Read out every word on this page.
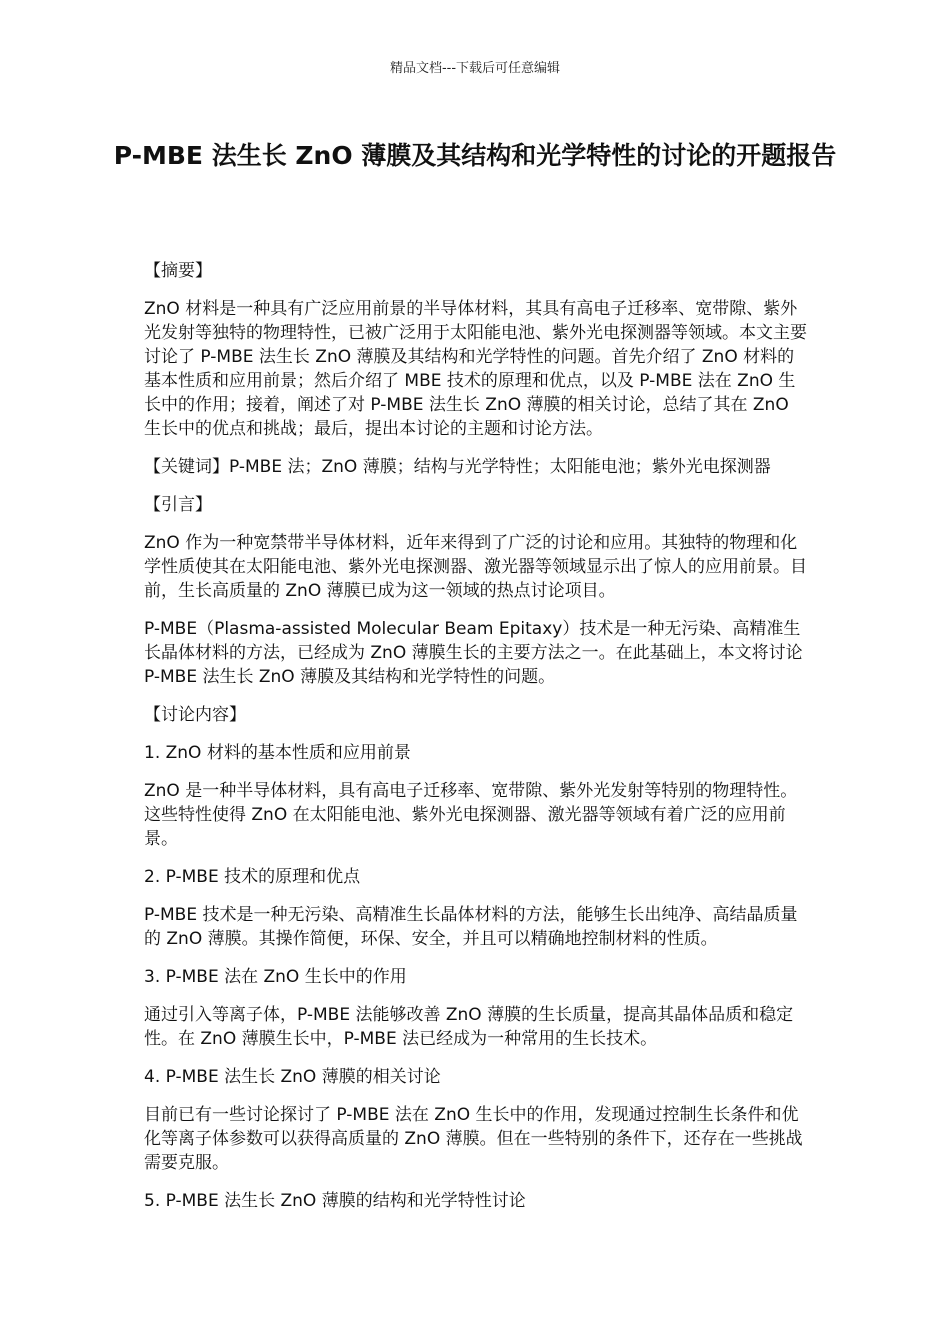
精品文档---下载后可任意编辑
P-MBE 法生长 ZnO 薄膜及其结构和光学特性的讨论的开题报告

【摘要】

ZnO 材料是一种具有广泛应用前景的半导体材料，其具有高电子迁移率、宽带隙、紫外光发射等独特的物理特性，已被广泛用于太阳能电池、紫外光电探测器等领域。本文主要讨论了 P-MBE 法生长 ZnO 薄膜及其结构和光学特性的问题。首先介绍了 ZnO 材料的基本性质和应用前景；然后介绍了 MBE 技术的原理和优点，以及 P-MBE 法在 ZnO 生长中的作用；接着，阐述了对 P-MBE 法生长 ZnO 薄膜的相关讨论，总结了其在 ZnO 生长中的优点和挑战；最后，提出本讨论的主题和讨论方法。

【关键词】P-MBE 法；ZnO 薄膜；结构与光学特性；太阳能电池；紫外光电探测器

【引言】

ZnO 作为一种宽禁带半导体材料，近年来得到了广泛的讨论和应用。其独特的物理和化学性质使其在太阳能电池、紫外光电探测器、激光器等领域显示出了惊人的应用前景。目前，生长高质量的 ZnO 薄膜已成为这一领域的热点讨论项目。

P-MBE（Plasma-assisted Molecular Beam Epitaxy）技术是一种无污染、高精准生长晶体材料的方法，已经成为 ZnO 薄膜生长的主要方法之一。在此基础上，本文将讨论 P-MBE 法生长 ZnO 薄膜及其结构和光学特性的问题。

【讨论内容】

1. ZnO 材料的基本性质和应用前景

ZnO 是一种半导体材料，具有高电子迁移率、宽带隙、紫外光发射等特别的物理特性。这些特性使得 ZnO 在太阳能电池、紫外光电探测器、激光器等领域有着广泛的应用前景。

2. P-MBE 技术的原理和优点

P-MBE 技术是一种无污染、高精准生长晶体材料的方法，能够生长出纯净、高结晶质量的 ZnO 薄膜。其操作简便，环保、安全，并且可以精确地控制材料的性质。

3. P-MBE 法在 ZnO 生长中的作用

通过引入等离子体，P-MBE 法能够改善 ZnO 薄膜的生长质量，提高其晶体品质和稳定性。在 ZnO 薄膜生长中，P-MBE 法已经成为一种常用的生长技术。

4. P-MBE 法生长 ZnO 薄膜的相关讨论

目前已有一些讨论探讨了 P-MBE 法在 ZnO 生长中的作用，发现通过控制生长条件和优化等离子体参数可以获得高质量的 ZnO 薄膜。但在一些特别的条件下，还存在一些挑战需要克服。

5. P-MBE 法生长 ZnO 薄膜的结构和光学特性讨论
